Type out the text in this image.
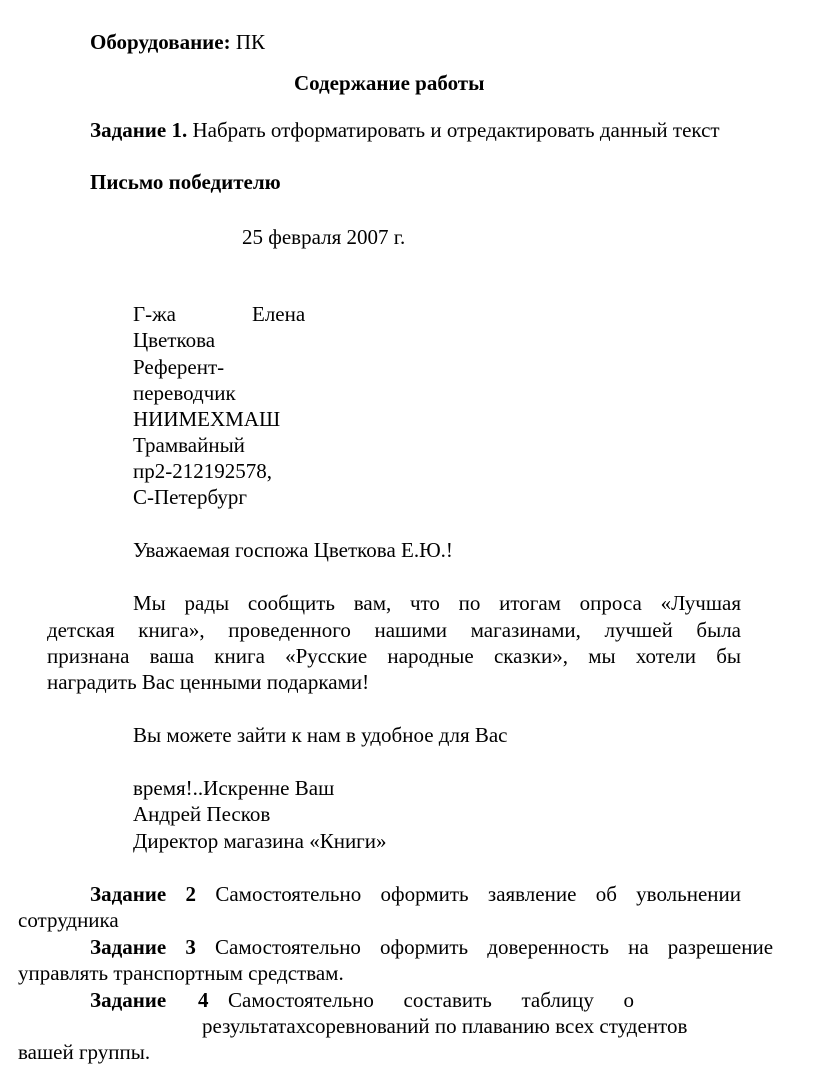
Оборудование: ПК
Содержание работы
Задание 1. Набрать отформатировать и отредактировать данный текст
Письмо победителю
25 февраля 2007 г.
Г-жа	Елена
Цветкова
Референт-
переводчик
НИИМЕХМАШ
Трамвайный
пр2-212192578,
С-Петербург
Уважаемая госпожа Цветкова Е.Ю.!
Мы рады сообщить вам, что по итогам опроса «Лучшая
детская книга», проведенного нашими магазинами, лучшей была
признана ваша книга «Русские народные сказки», мы хотели бы
наградить Вас ценными подарками!
Вы можете зайти к нам в удобное для Вас
время!..Искренне Ваш
Андрей Песков
Директор магазина «Книги»
Задание 2 Самостоятельно оформить заявление об увольнении
сотрудника
Задание 3 Самостоятельно оформить доверенность на разрешение
управлять транспортным средствам.
Задание 4 Самостоятельно составить таблицу о
результатахсоревнований по плаванию всех студентов
вашей группы.
